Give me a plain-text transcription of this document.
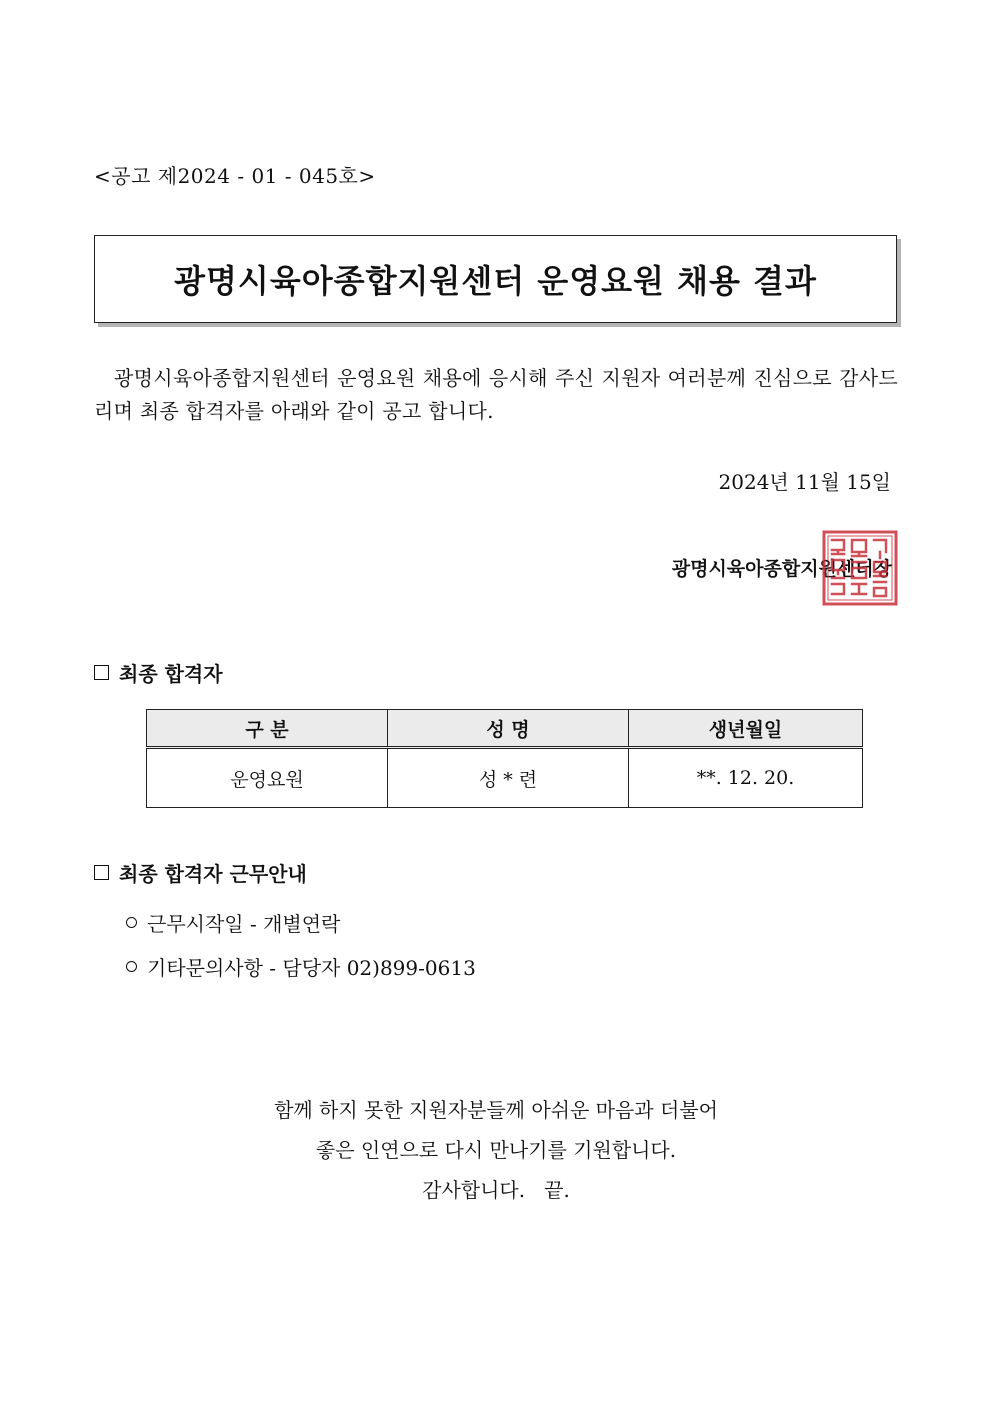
<공고 제2024 - 01 - 045호>
광명시육아종합지원센터 운영요원 채용 결과
광명시육아종합지원센터 운영요원 채용에 응시해 주신 지원자 여러분께 진심으로 감사드리며 최종 합격자를 아래와 같이 공고 합니다.
2024년 11월 15일
광명시육아종합지원센터장
최종 합격자
구 분	성 명	생년월일
운영요원	성 * 련	**. 12. 20.
최종 합격자 근무안내
근무시작일 - 개별연락
기타문의사항 - 담당자 02)899-0613
함께 하지 못한 지원자분들께 아쉬운 마음과 더불어
좋은 인연으로 다시 만나기를 기원합니다.
감사합니다.   끝.
